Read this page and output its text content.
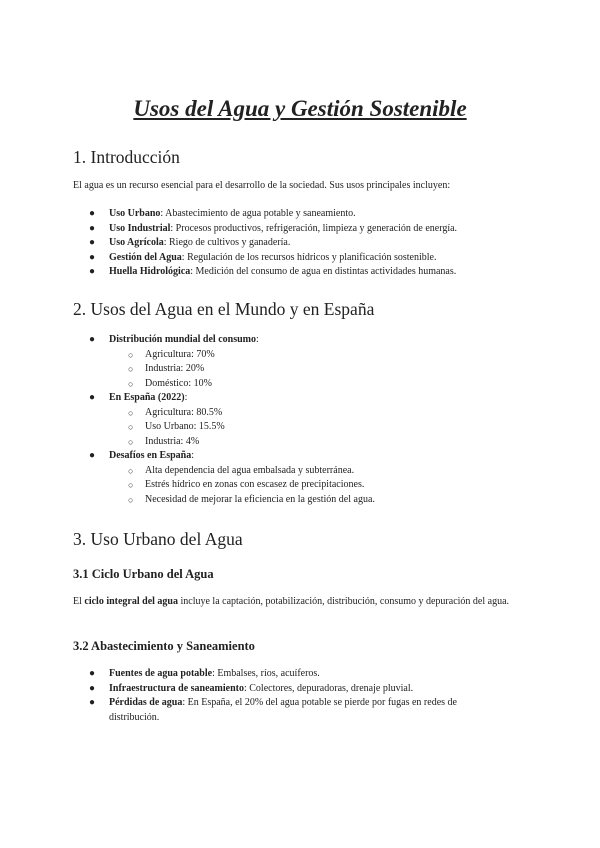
Usos del Agua y Gestión Sostenible
1. Introducción

El agua es un recurso esencial para el desarrollo de la sociedad. Sus usos principales incluyen:

● Uso Urbano: Abastecimiento de agua potable y saneamiento.
● Uso Industrial: Procesos productivos, refrigeración, limpieza y generación de energía.
● Uso Agrícola: Riego de cultivos y ganadería.
● Gestión del Agua: Regulación de los recursos hídricos y planificación sostenible.
● Huella Hidrológica: Medición del consumo de agua en distintas actividades humanas.
2. Usos del Agua en el Mundo y en España
● Distribución mundial del consumo:
○ Agricultura: 70%
○ Industria: 20%
○ Doméstico: 10%
● En España (2022):
○ Agricultura: 80.5%
○ Uso Urbano: 15.5%
○ Industria: 4%
● Desafíos en España:
○ Alta dependencia del agua embalsada y subterránea.
○ Estrés hídrico en zonas con escasez de precipitaciones.
○ Necesidad de mejorar la eficiencia en la gestión del agua.
3. Uso Urbano del Agua
3.1 Ciclo Urbano del Agua

El ciclo integral del agua incluye la captación, potabilización, distribución, consumo y depuración del agua.

3.2 Abastecimiento y Saneamiento
● Fuentes de agua potable: Embalses, ríos, acuíferos.
● Infraestructura de saneamiento: Colectores, depuradoras, drenaje pluvial.
● Pérdidas de agua: En España, el 20% del agua potable se pierde por fugas en redes de distribución.
